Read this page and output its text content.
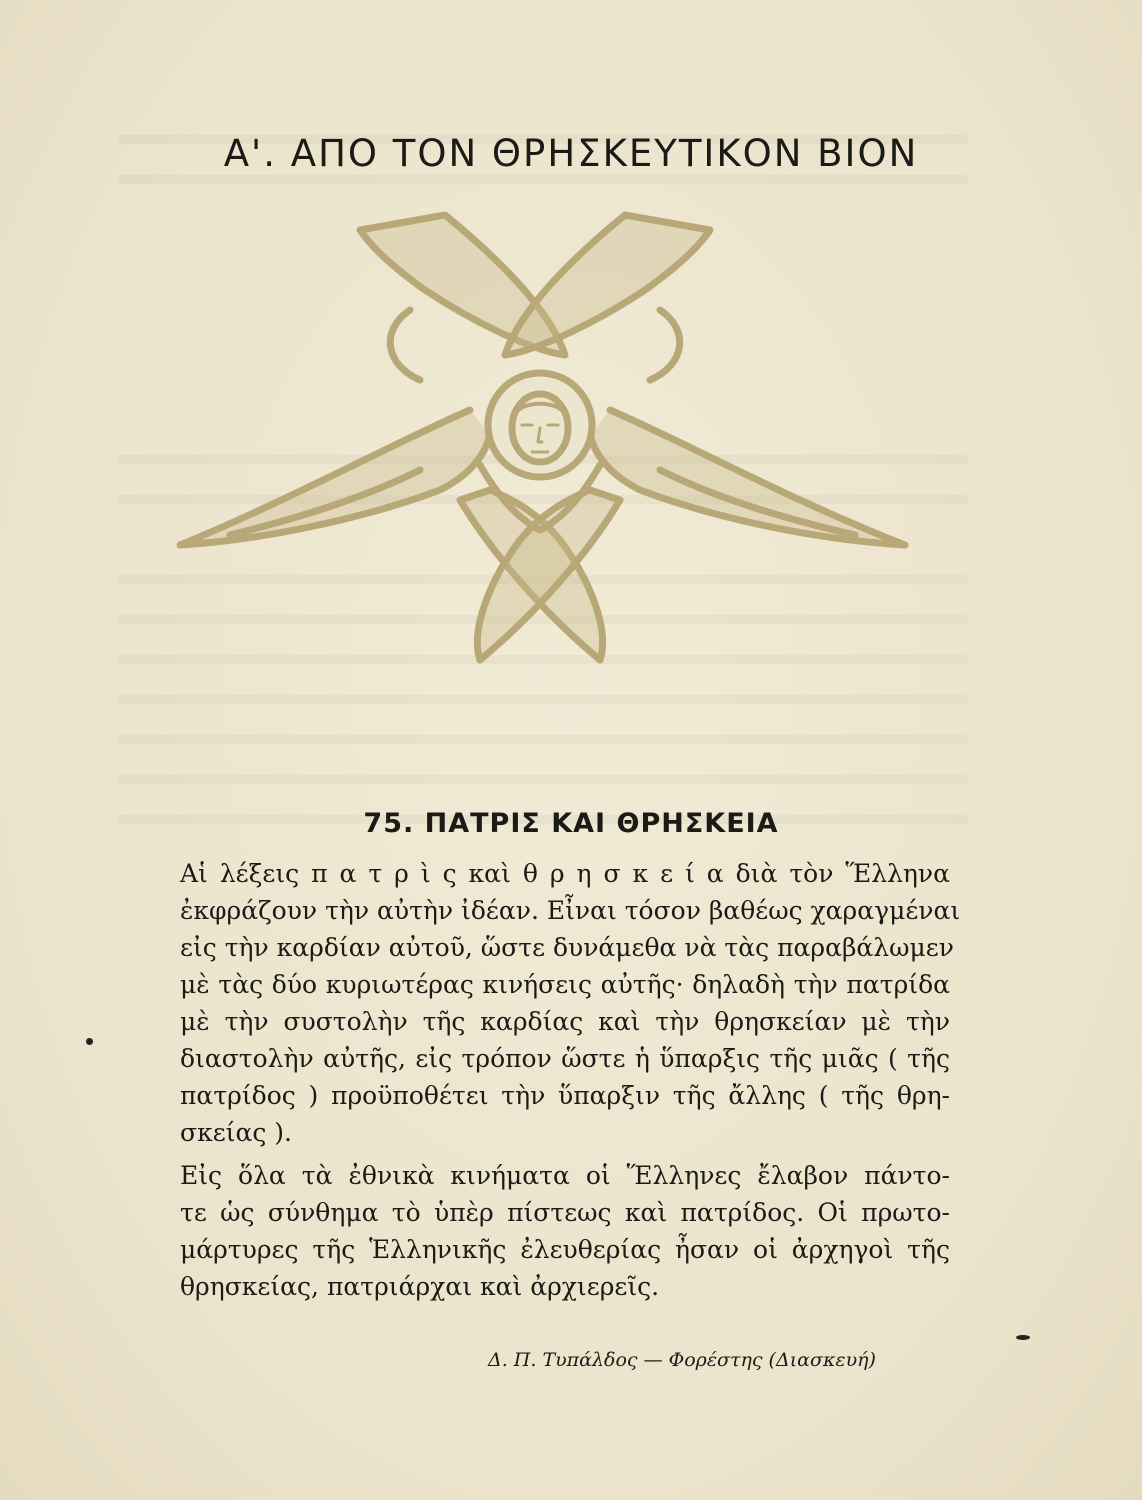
Α'. ΑΠΟ ΤΟΝ ΘΡΗΣΚΕΥΤΙΚΟΝ ΒΙΟΝ
75. ΠΑΤΡΙΣ ΚΑΙ ΘΡΗΣΚΕΙΑ

Αἱ λέξεις π α τ ρ ὶ ς καὶ θ ρ η σ κ ε ί α διὰ τὸν Ἕλληνα
ἐκφράζουν τὴν αὐτὴν ἰδέαν. Εἶναι τόσον βαθέως χαραγμέναι
εἰς τὴν καρδίαν αὐτοῦ, ὥστε δυνάμεθα νὰ τὰς παραβάλωμεν
μὲ τὰς δύο κυριωτέρας κινήσεις αὐτῆς· δηλαδὴ τὴν πατρίδα
μὲ τὴν συστολὴν τῆς καρδίας καὶ τὴν θρησκείαν μὲ τὴν
διαστολὴν αὐτῆς, εἰς τρόπον ὥστε ἡ ὕπαρξις τῆς μιᾶς ( τῆς
πατρίδος ) προϋποθέτει τὴν ὕπαρξιν τῆς ἄλλης ( τῆς θρη-
σκείας ).

Εἰς ὅλα τὰ ἐθνικὰ κινήματα οἱ Ἕλληνες ἔλαβον πάντο-
τε ὡς σύνθημα τὸ ὑπὲρ πίστεως καὶ πατρίδος. Οἱ πρωτο-
μάρτυρες τῆς Ἑλληνικῆς ἐλευθερίας ἦσαν οἱ ἀρχηγοὶ τῆς
θρησκείας, πατριάρχαι καὶ ἀρχιερεῖς.

Δ. Π. Τυπάλδος — Φορέστης (Διασκευή)
